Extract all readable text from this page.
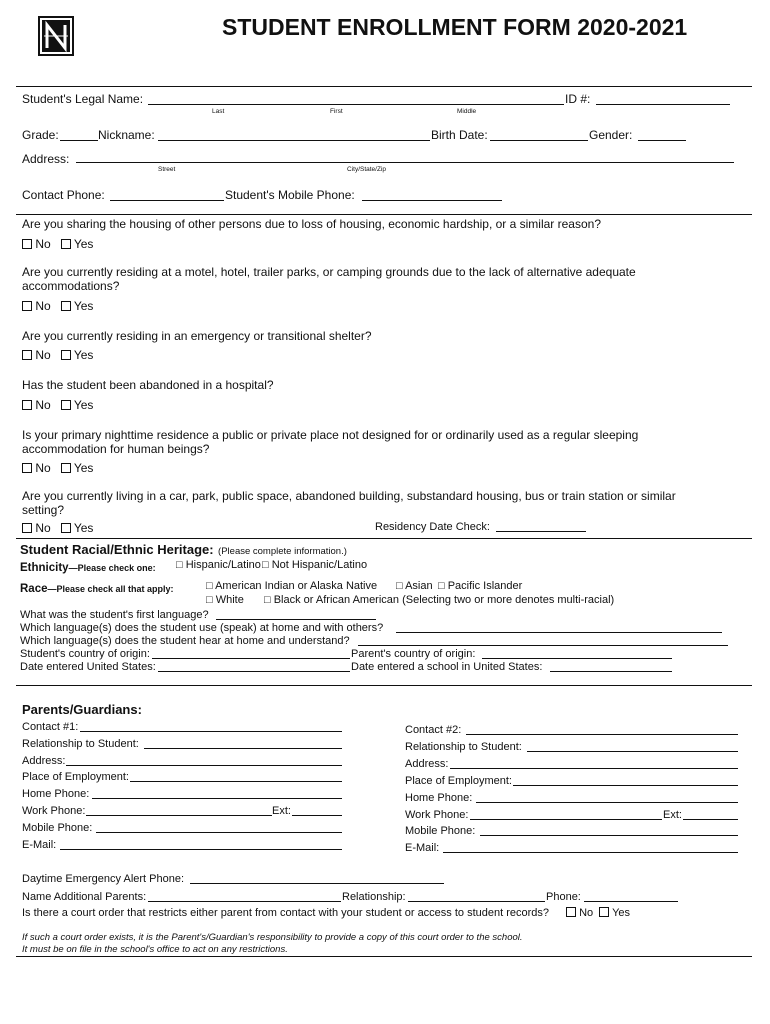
STUDENT ENROLLMENT FORM 2020-2021
Student's Legal Name:
Last	First	Middle
ID #:
Grade:	Nickname:	Birth Date:	Gender:
Address:
Street	City/State/Zip
Contact Phone:	Student's Mobile Phone:
Are you sharing the housing of other persons due to loss of housing, economic hardship, or a similar reason?
No Yes
Are you currently residing at a motel, hotel, trailer parks, or camping grounds due to the lack of alternative adequate
accommodations?
No Yes
Are you currently residing in an emergency or transitional shelter?
No Yes
Has the student been abandoned in a hospital?
No Yes
Is your primary nighttime residence a public or private place not designed for or ordinarily used as a regular sleeping
accommodation for human beings?
No Yes
Are you currently living in a car, park, public space, abandoned building, substandard housing, bus or train station or similar
setting?
No Yes	Residency Date Check:
Student Racial/Ethnic Heritage: (Please complete information.)
Ethnicity—Please check one: □ Hispanic/Latino □ Not Hispanic/Latino
Race—Please check all that apply:	□ American Indian or Alaska Native □ Asian □ Pacific Islander
□ White □ Black or African American (Selecting two or more denotes multi-racial)
What was the student's first language?
Which language(s) does the student use (speak) at home and with others?
Which language(s) does the student hear at home and understand?
Student's country of origin:	Parent's country of origin:
Date entered United States:	Date entered a school in United States:
Parents/Guardians:
Contact #1:
Relationship to Student:
Address:
Place of Employment:
Home Phone:
Work Phone:	Ext:
Mobile Phone:
E-Mail:
Contact #2:
Relationship to Student:
Address:
Place of Employment:
Home Phone:
Work Phone:	Ext:
Mobile Phone:
E-Mail:
Daytime Emergency Alert Phone:
Name Additional Parents:	Relationship:	Phone:
Is there a court order that restricts either parent from contact with your student or access to student records?	No Yes
If such a court order exists, it is the Parent's/Guardian's responsibility to provide a copy of this court order to the school.
It must be on file in the school's office to act on any restrictions.
